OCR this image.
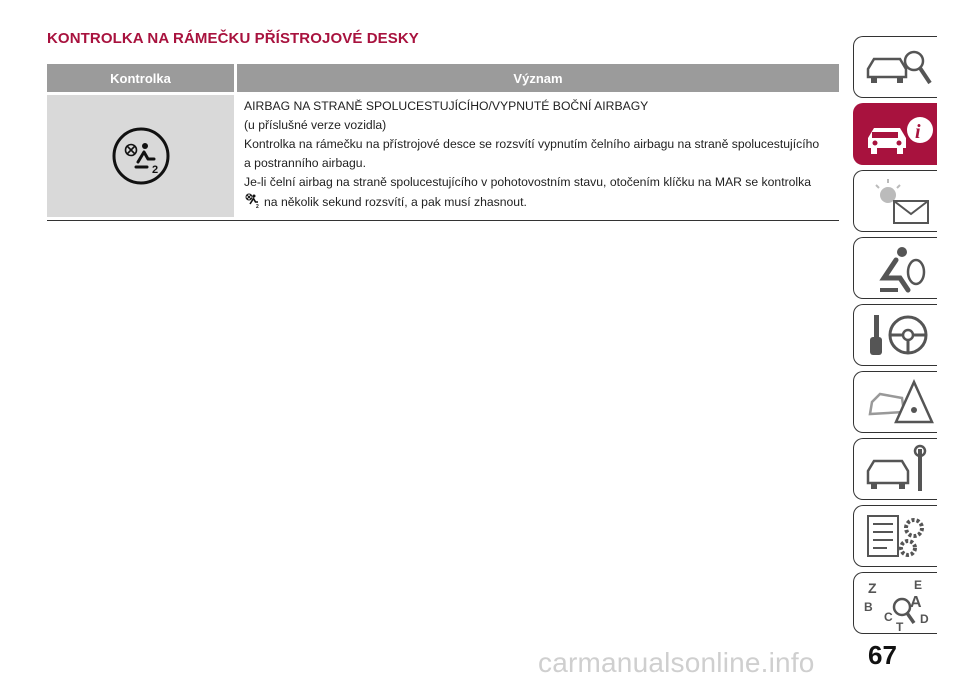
KONTROLKA NA RÁMEČKU PŘÍSTROJOVÉ DESKY
Kontrolka	Význam
2

AIRBAG NA STRANĚ SPOLUCESTUJÍCÍHO/VYPNUTÉ BOČNÍ AIRBAGY

(u příslušné verze vozidla)

Kontrolka na rámečku na přístrojové desce se rozsvítí vypnutím čelního airbagu na straně spolucestujícího a postranního airbagu.

Je-li čelní airbag na straně spolucestujícího v pohotovostním stavu, otočením klíčku na MAR se kontrolka

2 na několik sekund rozsvítí, a pak musí zhasnout.

i
Z	E
B A
C D
T
carmanualsonline.info 67
